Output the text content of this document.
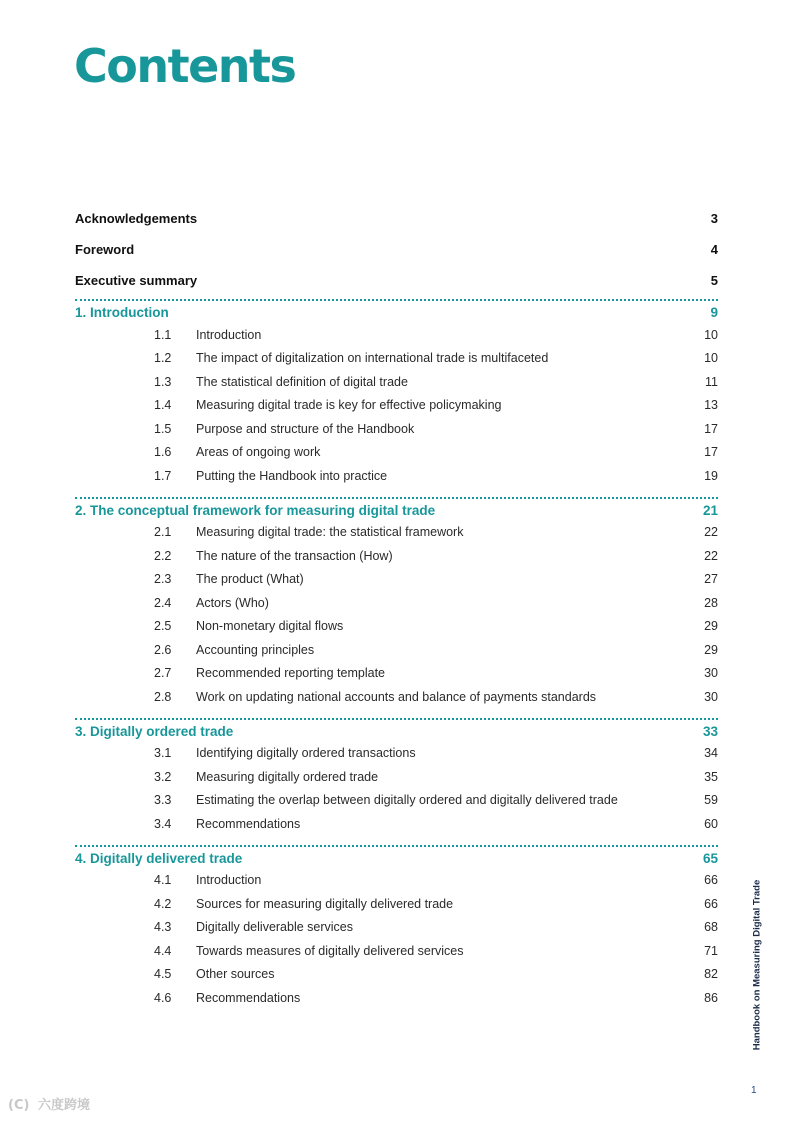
Contents
Acknowledgements	3
Foreword	4
Executive summary	5
1. Introduction	9
1.1	Introduction	10
1.2	The impact of digitalization on international trade is multifaceted	10
1.3	The statistical definition of digital trade	11
1.4	Measuring digital trade is key for effective policymaking	13
1.5	Purpose and structure of the Handbook	17
1.6	Areas of ongoing work	17
1.7	Putting the Handbook into practice	19
2. The conceptual framework for measuring digital trade	21
2.1	Measuring digital trade: the statistical framework	22
2.2	The nature of the transaction (How)	22
2.3	The product (What)	27
2.4	Actors (Who)	28
2.5	Non-monetary digital flows	29
2.6	Accounting principles	29
2.7	Recommended reporting template	30
2.8	Work on updating national accounts and balance of payments standards	30
3. Digitally ordered trade	33
3.1	Identifying digitally ordered transactions	34
3.2	Measuring digitally ordered trade	35
3.3	Estimating the overlap between digitally ordered and digitally delivered trade	59
3.4	Recommendations	60
4. Digitally delivered trade	65
4.1	Introduction	66
4.2	Sources for measuring digitally delivered trade	66
4.3	Digitally deliverable services	68
4.4	Towards measures of digitally delivered services	71
4.5	Other sources	82
4.6	Recommendations	86	Handbook on Measuring Digital Trade
1
(C) 六度跨境
